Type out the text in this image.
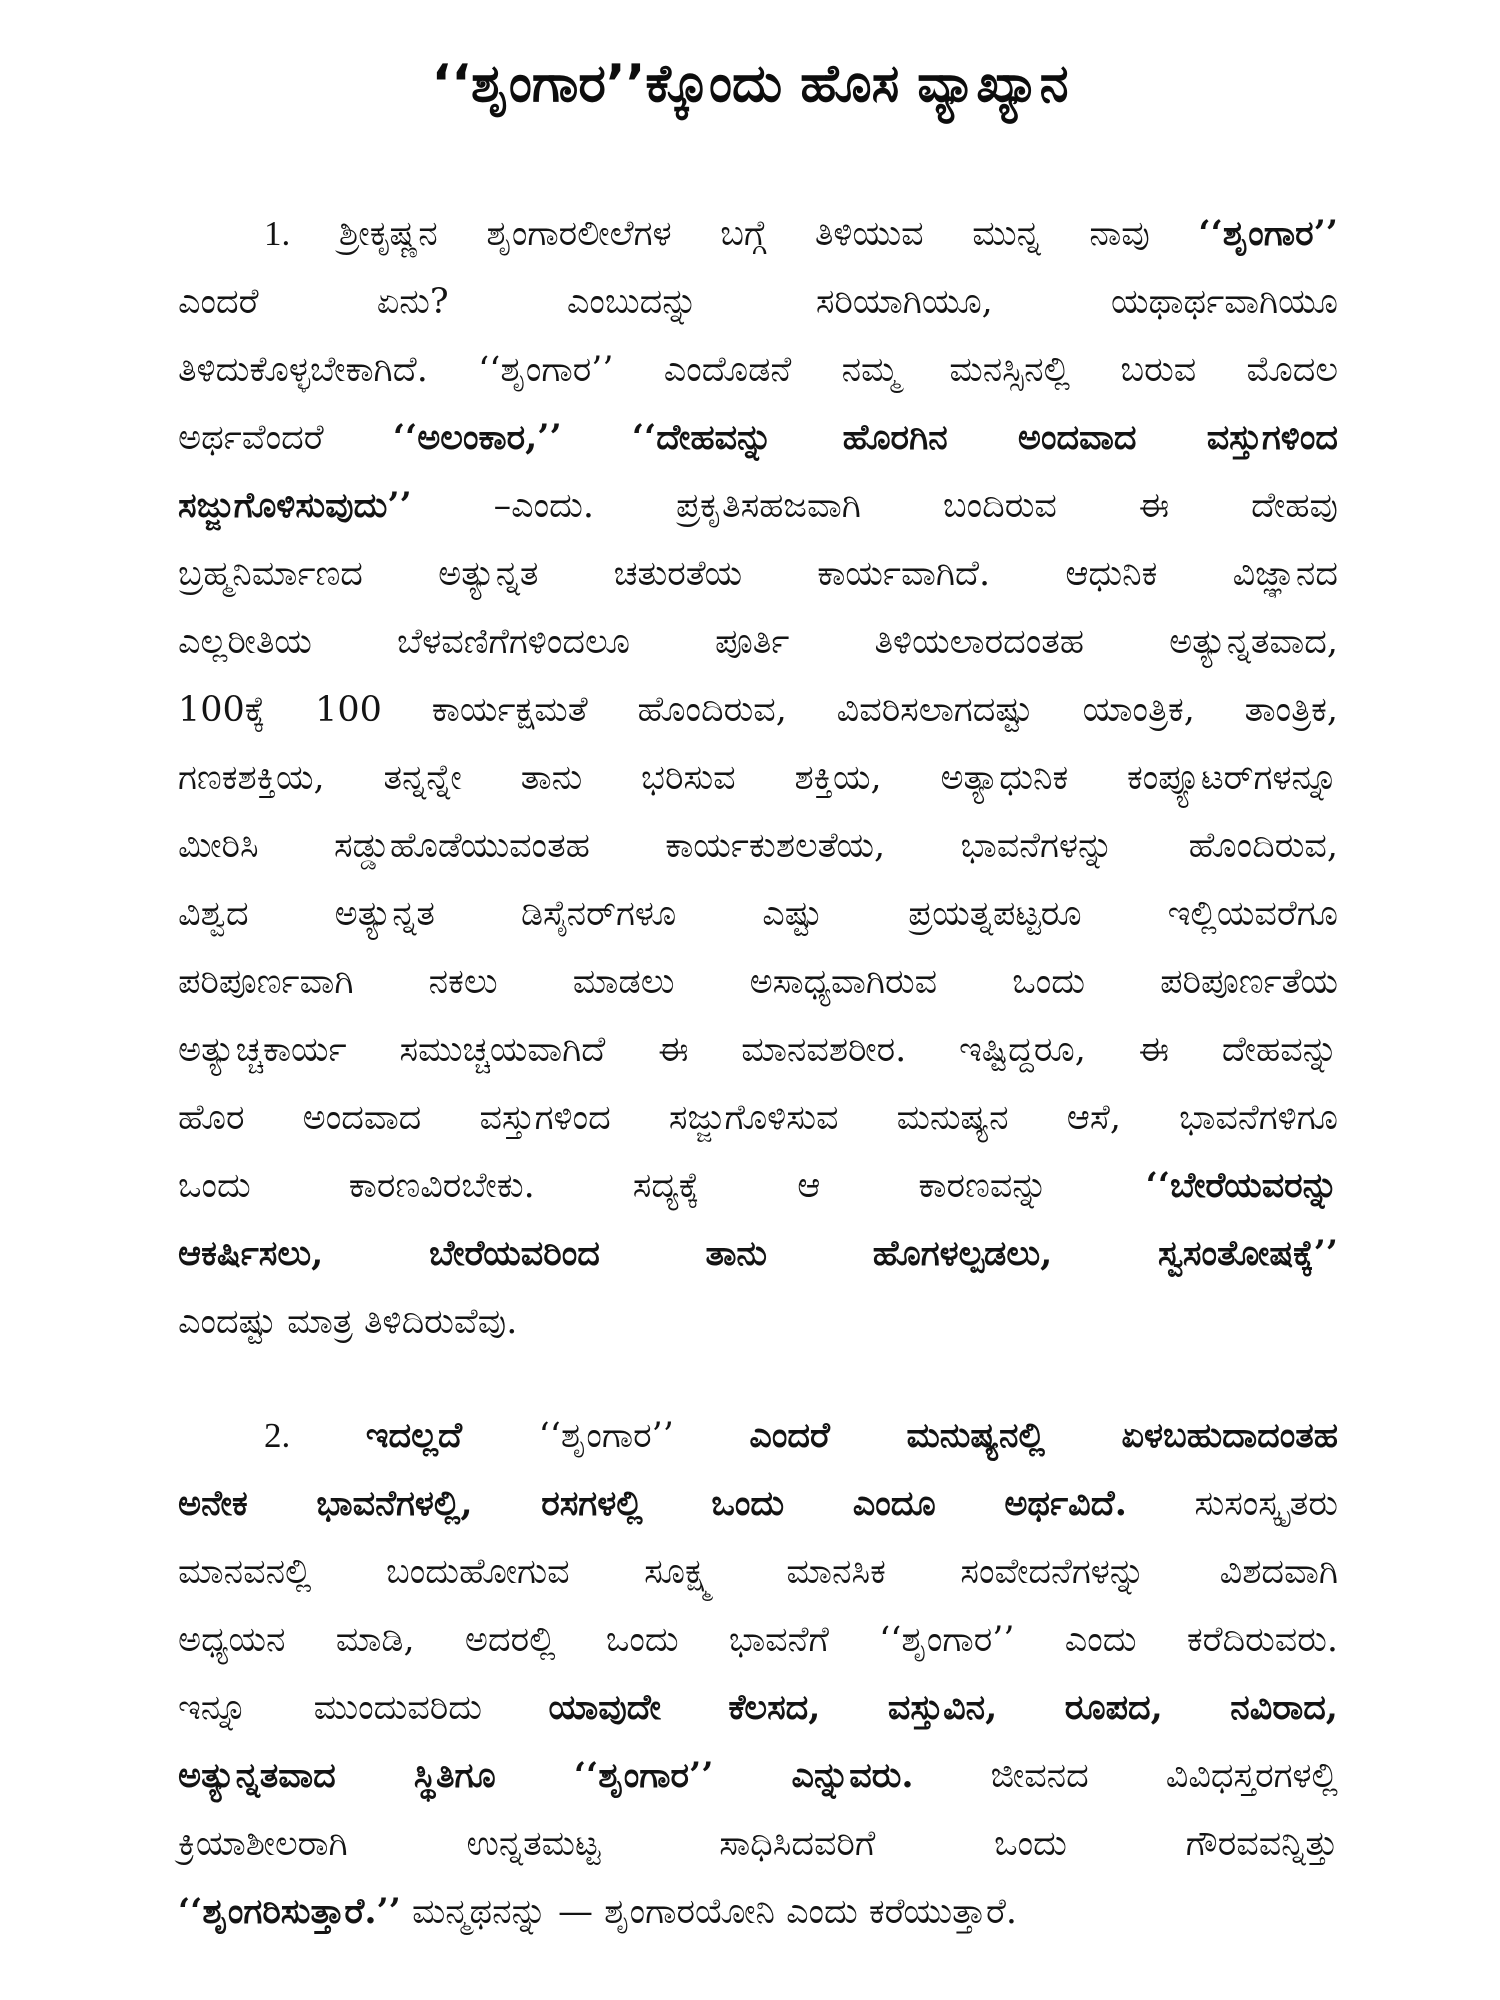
‘‘ಶೃಂಗಾರ’’ಕ್ಕೊಂದು ಹೊಸ ವ್ಯಾಖ್ಯಾನ
1. ಶ್ರೀಕೃಷ್ಣನ ಶೃಂಗಾರಲೀಲೆಗಳ ಬಗ್ಗೆ ತಿಳಿಯುವ ಮುನ್ನ ನಾವು ‘‘ಶೃಂಗಾರ’’
ಎಂದರೆ ಏನು? ಎಂಬುದನ್ನು ಸರಿಯಾಗಿಯೂ, ಯಥಾರ್ಥವಾಗಿಯೂ
ತಿಳಿದುಕೊಳ್ಳಬೇಕಾಗಿದೆ. ‘‘ಶೃಂಗಾರ’’ ಎಂದೊಡನೆ ನಮ್ಮ ಮನಸ್ಸಿನಲ್ಲಿ ಬರುವ ಮೊದಲ
ಅರ್ಥವೆಂದರೆ ‘‘ಅಲಂಕಾರ,’’ ‘‘ದೇಹವನ್ನು ಹೊರಗಿನ ಅಂದವಾದ ವಸ್ತುಗಳಿಂದ
ಸಜ್ಜುಗೊಳಿಸುವುದು’’ –ಎಂದು. ಪ್ರಕೃತಿಸಹಜವಾಗಿ ಬಂದಿರುವ ಈ ದೇಹವು
ಬ್ರಹ್ಮನಿರ್ಮಾಣದ ಅತ್ಯುನ್ನತ ಚತುರತೆಯ ಕಾರ್ಯವಾಗಿದೆ. ಆಧುನಿಕ ವಿಜ್ಞಾನದ
ಎಲ್ಲರೀತಿಯ ಬೆಳವಣಿಗೆಗಳಿಂದಲೂ ಪೂರ್ತಿ ತಿಳಿಯಲಾರದಂತಹ ಅತ್ಯುನ್ನತವಾದ,
100ಕ್ಕೆ 100 ಕಾರ್ಯಕ್ಷಮತೆ ಹೊಂದಿರುವ, ವಿವರಿಸಲಾಗದಷ್ಟು ಯಾಂತ್ರಿಕ, ತಾಂತ್ರಿಕ,
ಗಣಕಶಕ್ತಿಯ, ತನ್ನನ್ನೇ ತಾನು ಭರಿಸುವ ಶಕ್ತಿಯ, ಅತ್ಯಾಧುನಿಕ ಕಂಪ್ಯೂಟರ್‌ಗಳನ್ನೂ
ಮೀರಿಸಿ ಸಡ್ಡುಹೊಡೆಯುವಂತಹ ಕಾರ್ಯಕುಶಲತೆಯ, ಭಾವನೆಗಳನ್ನು ಹೊಂದಿರುವ,
ವಿಶ್ವದ ಅತ್ಯುನ್ನತ ಡಿಸೈನರ್‌ಗಳೂ ಎಷ್ಟು ಪ್ರಯತ್ನಪಟ್ಟರೂ ಇಲ್ಲಿಯವರೆಗೂ
ಪರಿಪೂರ್ಣವಾಗಿ ನಕಲು ಮಾಡಲು ಅಸಾಧ್ಯವಾಗಿರುವ ಒಂದು ಪರಿಪೂರ್ಣತೆಯ
ಅತ್ಯುಚ್ಚಕಾರ್ಯ ಸಮುಚ್ಚಯವಾಗಿದೆ ಈ ಮಾನವಶರೀರ. ಇಷ್ಟಿದ್ದರೂ, ಈ ದೇಹವನ್ನು
ಹೊರ ಅಂದವಾದ ವಸ್ತುಗಳಿಂದ ಸಜ್ಜುಗೊಳಿಸುವ ಮನುಷ್ಯನ ಆಸೆ, ಭಾವನೆಗಳಿಗೂ
ಒಂದು ಕಾರಣವಿರಬೇಕು. ಸದ್ಯಕ್ಕೆ ಆ ಕಾರಣವನ್ನು ‘‘ಬೇರೆಯವರನ್ನು
ಆಕರ್ಷಿಸಲು, ಬೇರೆಯವರಿಂದ ತಾನು ಹೊಗಳಲ್ಪಡಲು, ಸ್ವಸಂತೋಷಕ್ಕೆ’’
ಎಂದಷ್ಟು ಮಾತ್ರ ತಿಳಿದಿರುವೆವು.
2. ಇದಲ್ಲದೆ ‘‘ಶೃಂಗಾರ’’ ಎಂದರೆ ಮನುಷ್ಯನಲ್ಲಿ ಏಳಬಹುದಾದಂತಹ
ಅನೇಕ ಭಾವನೆಗಳಲ್ಲಿ, ರಸಗಳಲ್ಲಿ ಒಂದು ಎಂದೂ ಅರ್ಥವಿದೆ. ಸುಸಂಸ್ಕೃತರು
ಮಾನವನಲ್ಲಿ ಬಂದುಹೋಗುವ ಸೂಕ್ಷ್ಮ ಮಾನಸಿಕ ಸಂವೇದನೆಗಳನ್ನು ವಿಶದವಾಗಿ
ಅಧ್ಯಯನ ಮಾಡಿ, ಅದರಲ್ಲಿ ಒಂದು ಭಾವನೆಗೆ ‘‘ಶೃಂಗಾರ’’ ಎಂದು ಕರೆದಿರುವರು.
ಇನ್ನೂ ಮುಂದುವರಿದು ಯಾವುದೇ ಕೆಲಸದ, ವಸ್ತುವಿನ, ರೂಪದ, ನವಿರಾದ,
ಅತ್ಯುನ್ನತವಾದ ಸ್ಥಿತಿಗೂ ‘‘ಶೃಂಗಾರ’’ ಎನ್ನುವರು. ಜೀವನದ ವಿವಿಧಸ್ತರಗಳಲ್ಲಿ
ಕ್ರಿಯಾಶೀಲರಾಗಿ ಉನ್ನತಮಟ್ಟ ಸಾಧಿಸಿದವರಿಗೆ ಒಂದು ಗೌರವವನ್ನಿತ್ತು
‘‘ಶೃಂಗರಿಸುತ್ತಾರೆ.’’ ಮನ್ಮಥನನ್ನು — ಶೃಂಗಾರಯೋನಿ ಎಂದು ಕರೆಯುತ್ತಾರೆ.
